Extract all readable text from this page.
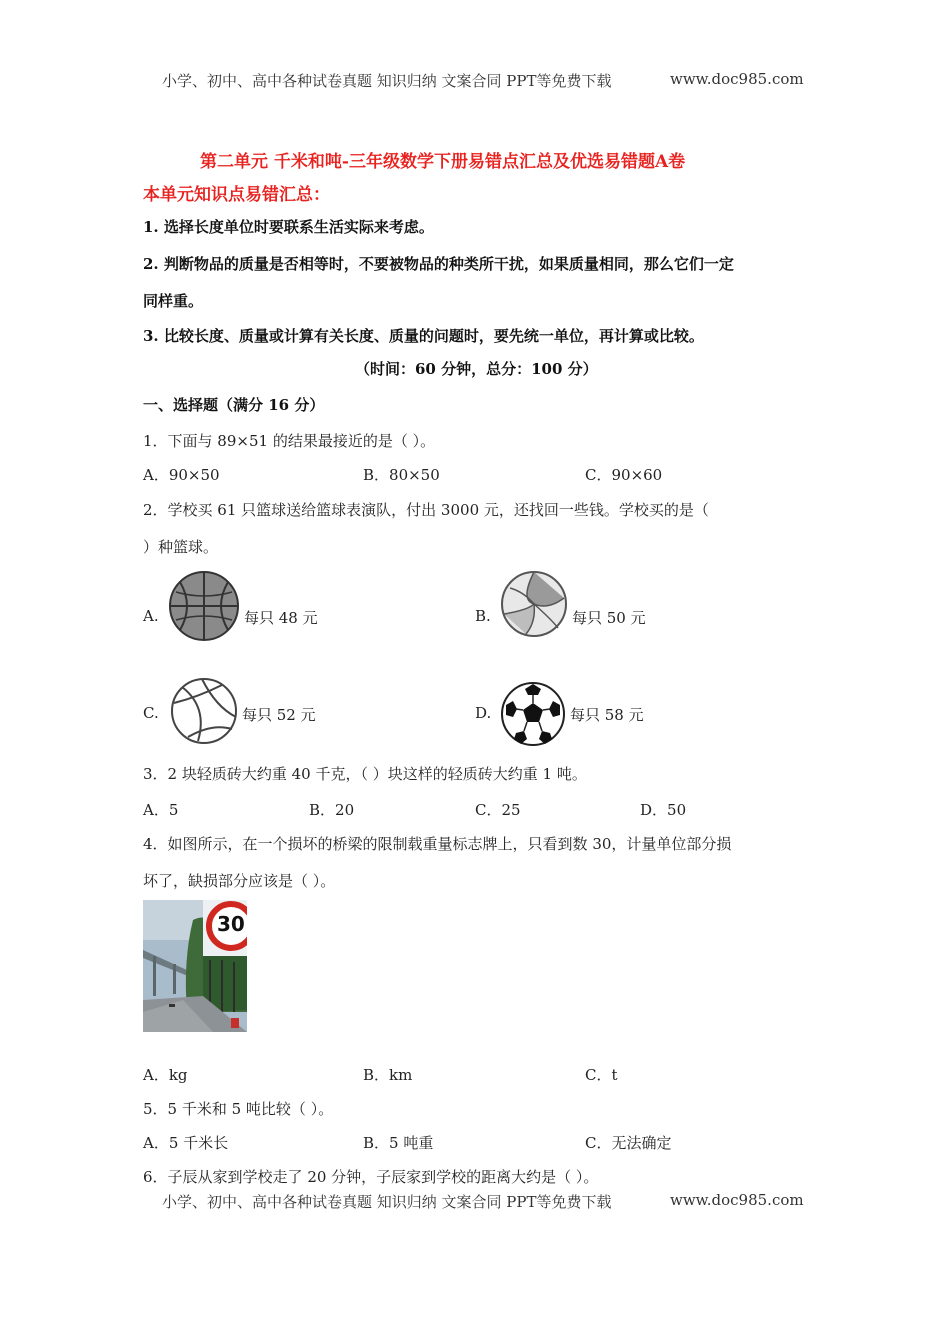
小学、初中、高中各种试卷真题 知识归纳 文案合同 PPT等免费下载	www.doc985.com
第二单元 千米和吨-三年级数学下册易错点汇总及优选易错题A卷
本单元知识点易错汇总：
1. 选择长度单位时要联系生活实际来考虑。
2. 判断物品的质量是否相等时，不要被物品的种类所干扰，如果质量相同，那么它们一定
同样重。
3. 比较长度、质量或计算有关长度、质量的问题时，要先统一单位，再计算或比较。
（时间：60 分钟，总分：100 分）
一、选择题（满分 16 分）
1．下面与 89×51 的结果最接近的是（ ）。
A．90×50	B．80×50	C．90×60
2．学校买 61 只篮球送给篮球表演队，付出 3000 元，还找回一些钱。学校买的是（
）种篮球。
A.	每只 48 元	B.	每只 50 元
C.	每只 52 元	D.	每只 58 元
3．2 块轻质砖大约重 40 千克，（ ）块这样的轻质砖大约重 1 吨。
A．5	B．20	C．25	D．50
4．如图所示，在一个损坏的桥梁的限制载重量标志牌上，只看到数 30，计量单位部分损
坏了，缺损部分应该是（ ）。
30
A．kg	B．km	C．t
5．5 千米和 5 吨比较（ ）。
A．5 千米长	B．5 吨重	C．无法确定
6．子辰从家到学校走了 20 分钟，子辰家到学校的距离大约是（ ）。
小学、初中、高中各种试卷真题 知识归纳 文案合同 PPT等免费下载	www.doc985.com
